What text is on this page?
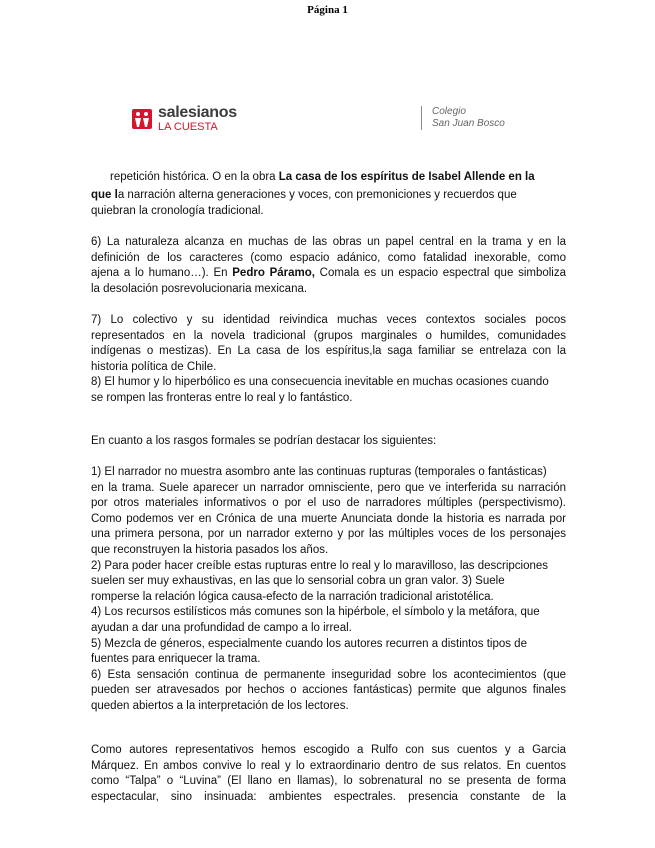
Página 1
salesianos
LA CUESTA
Colegio
San Juan Bosco
repetición histórica. O en la obra La casa de los espíritus de Isabel Allende en la
que la narración alterna generaciones y voces, con premoniciones y recuerdos que
quiebran la cronología tradicional.
6) La naturaleza alcanza en muchas de las obras un papel central en la trama y en la
definición de los caracteres (como espacio adánico, como fatalidad inexorable, como
ajena a lo humano…). En Pedro Páramo, Comala es un espacio espectral que simboliza
la desolación posrevolucionaria mexicana.
7) Lo colectivo y su identidad reivindica muchas veces contextos sociales pocos
representados en la novela tradicional (grupos marginales o humildes, comunidades
indígenas o mestizas). En La casa de los espíritus,la saga familiar se entrelaza con la
historia política de Chile.
8) El humor y lo hiperbólico es una consecuencia inevitable en muchas ocasiones cuando
se rompen las fronteras entre lo real y lo fantástico.
En cuanto a los rasgos formales se podrían destacar los siguientes:
1) El narrador no muestra asombro ante las continuas rupturas (temporales o fantásticas)
en la trama. Suele aparecer un narrador omnisciente, pero que ve interferida su narración
por otros materiales informativos o por el uso de narradores múltiples (perspectivismo).
Como podemos ver en Crónica de una muerte Anunciata donde la historia es narrada por
una primera persona, por un narrador externo y por las múltiples voces de los personajes
que reconstruyen la historia pasados los años.
2) Para poder hacer creíble estas rupturas entre lo real y lo maravilloso, las descripciones
suelen ser muy exhaustivas, en las que lo sensorial cobra un gran valor. 3) Suele
romperse la relación lógica causa-efecto de la narración tradicional aristotélica.
4) Los recursos estilísticos más comunes son la hipérbole, el símbolo y la metáfora, que
ayudan a dar una profundidad de campo a lo irreal.
5) Mezcla de géneros, especialmente cuando los autores recurren a distintos tipos de
fuentes para enriquecer la trama.
6) Esta sensación continua de permanente inseguridad sobre los acontecimientos (que
pueden ser atravesados por hechos o acciones fantásticas) permite que algunos finales
queden abiertos a la interpretación de los lectores.
Como autores representativos hemos escogido a Rulfo con sus cuentos y a Garcia
Márquez. En ambos convive lo real y lo extraordinario dentro de sus relatos. En cuentos
como “Talpa” o “Luvina” (El llano en llamas), lo sobrenatural no se presenta de forma
espectacular, sino insinuada: ambientes espectrales. presencia constante de la
